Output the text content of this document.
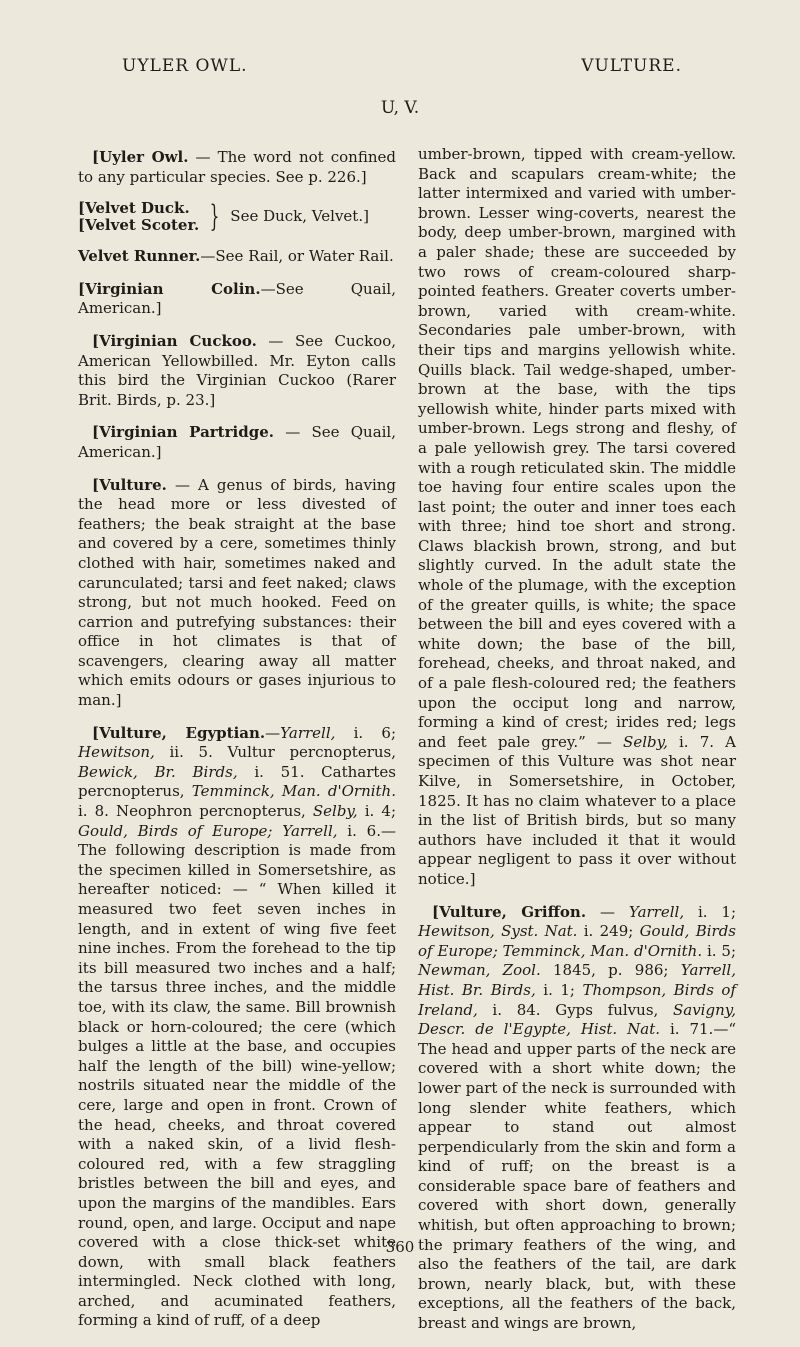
UYLER OWL.	VULTURE.
U, V.

[Uyler Owl. — The word not confined to any particular species. See p. 226.]

[Velvet Duck.
[Velvet Scoter. } See Duck, Velvet.]

Velvet Runner.—See Rail, or Water Rail.

[Virginian Colin.—See Quail, American.]

[Virginian Cuckoo. — See Cuckoo, American Yellowbilled. Mr. Eyton calls this bird the Virginian Cuckoo (Rarer Brit. Birds, p. 23.]

[Virginian Partridge. — See Quail, American.]

[Vulture. — A genus of birds, having the head more or less divested of feathers; the beak straight at the base and covered by a cere, sometimes thinly clothed with hair, sometimes naked and carunculated; tarsi and feet naked; claws strong, but not much hooked. Feed on carrion and putrefying substances: their office in hot climates is that of scavengers, clearing away all matter which emits odours or gases injurious to man.]

[Vulture, Egyptian.—Yarrell, i. 6; Hewitson, ii. 5. Vultur percnopterus, Bewick, Br. Birds, i. 51. Cathartes percnopterus, Temminck, Man. d'Ornith. i. 8. Neophron percnopterus, Selby, i. 4; Gould, Birds of Europe; Yarrell, i. 6.— The following description is made from the specimen killed in Somersetshire, as hereafter noticed: — “ When killed it measured two feet seven inches in length, and in extent of wing five feet nine inches. From the forehead to the tip its bill measured two inches and a half; the tarsus three inches, and the middle toe, with its claw, the same. Bill brownish black or horn-coloured; the cere (which bulges a little at the base, and occupies half the length of the bill) wine-yellow; nostrils situated near the middle of the cere, large and open in front. Crown of the head, cheeks, and throat covered with a naked skin, of a livid flesh-coloured red, with a few straggling bristles between the bill and eyes, and upon the margins of the mandibles. Ears round, open, and large. Occiput and nape covered with a close thick-set white down, with small black feathers intermingled. Neck clothed with long, arched, and acuminated feathers, forming a kind of ruff, of a deep

umber-brown, tipped with cream-yellow. Back and scapulars cream-white; the latter intermixed and varied with umber-brown. Lesser wing-coverts, nearest the body, deep umber-brown, margined with a paler shade; these are succeeded by two rows of cream-coloured sharp-pointed feathers. Greater coverts umber-brown, varied with cream-white. Secondaries pale umber-brown, with their tips and margins yellowish white. Quills black. Tail wedge-shaped, umber-brown at the base, with the tips yellowish white, hinder parts mixed with umber-brown. Legs strong and fleshy, of a pale yellowish grey. The tarsi covered with a rough reticulated skin. The middle toe having four entire scales upon the last point; the outer and inner toes each with three; hind toe short and strong. Claws blackish brown, strong, and but slightly curved. In the adult state the whole of the plumage, with the exception of the greater quills, is white; the space between the bill and eyes covered with a white down; the base of the bill, forehead, cheeks, and throat naked, and of a pale flesh-coloured red; the feathers upon the occiput long and narrow, forming a kind of crest; irides red; legs and feet pale grey.” — Selby, i. 7. A specimen of this Vulture was shot near Kilve, in Somersetshire, in October, 1825. It has no claim whatever to a place in the list of British birds, but so many authors have included it that it would appear negligent to pass it over without notice.]

[Vulture, Griffon. — Yarrell, i. 1; Hewitson, Syst. Nat. i. 249; Gould, Birds of Europe; Temminck, Man. d'Ornith. i. 5; Newman, Zool. 1845, p. 986; Yarrell, Hist. Br. Birds, i. 1; Thompson, Birds of Ireland, i. 84. Gyps fulvus, Savigny, Descr. de l'Egypte, Hist. Nat. i. 71.—“ The head and upper parts of the neck are covered with a short white down; the lower part of the neck is surrounded with long slender white feathers, which appear to stand out almost perpendicularly from the skin and form a kind of ruff; on the breast is a considerable space bare of feathers and covered with short down, generally whitish, but often approaching to brown; the primary feathers of the wing, and also the feathers of the tail, are dark brown, nearly black, but, with these exceptions, all the feathers of the back, breast and wings are brown,

360
